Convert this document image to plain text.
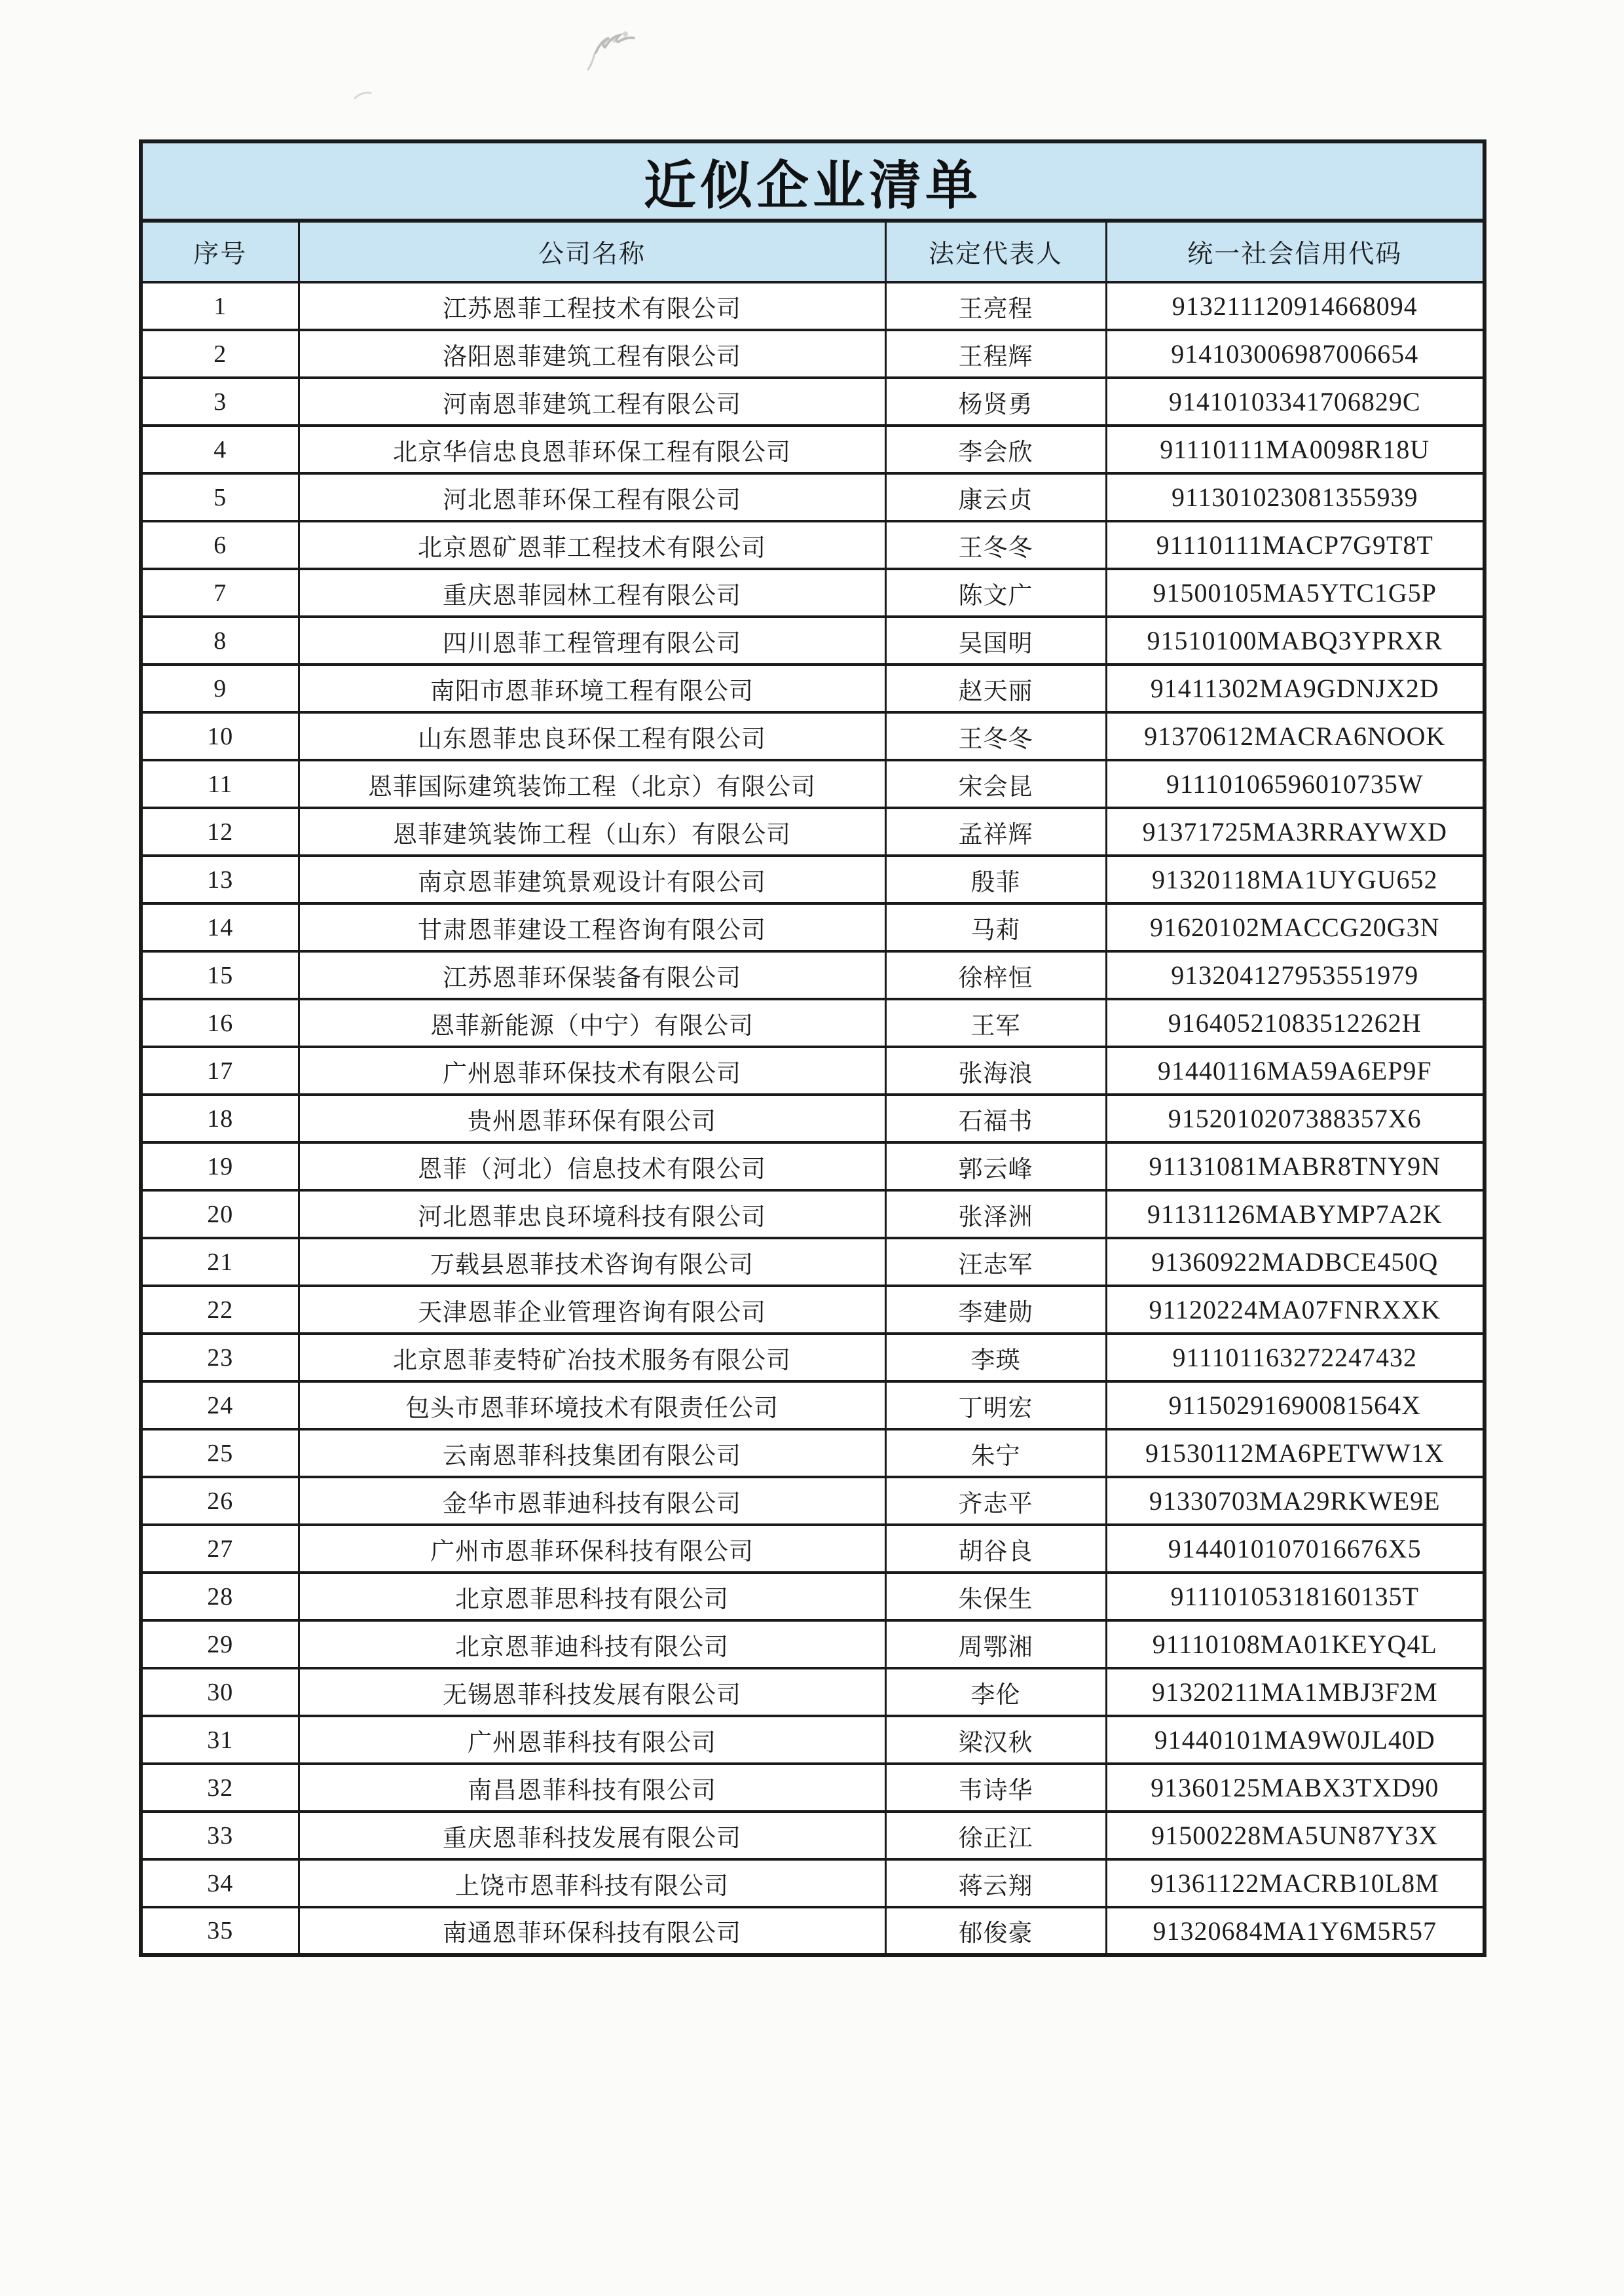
近似企业清单			
序号	公司名称	法定代表人	统一社会信用代码
1	江苏恩菲工程技术有限公司	王亮程	913211120914668094
2	洛阳恩菲建筑工程有限公司	王程辉	914103006987006654
3	河南恩菲建筑工程有限公司	杨贤勇	91410103341706829C
4	北京华信忠良恩菲环保工程有限公司	李会欣	91110111MA0098R18U
5	河北恩菲环保工程有限公司	康云贞	911301023081355939
6	北京恩矿恩菲工程技术有限公司	王冬冬	91110111MACP7G9T8T
7	重庆恩菲园林工程有限公司	陈文广	91500105MA5YTC1G5P
8	四川恩菲工程管理有限公司	吴国明	91510100MABQ3YPRXR
9	南阳市恩菲环境工程有限公司	赵天丽	91411302MA9GDNJX2D
10	山东恩菲忠良环保工程有限公司	王冬冬	91370612MACRA6NOOK
11	恩菲国际建筑装饰工程（北京）有限公司	宋会昆	91110106596010735W
12	恩菲建筑装饰工程（山东）有限公司	孟祥辉	91371725MA3RRAYWXD
13	南京恩菲建筑景观设计有限公司	殷菲	91320118MA1UYGU652
14	甘肃恩菲建设工程咨询有限公司	马莉	91620102MACCG20G3N
15	江苏恩菲环保装备有限公司	徐梓恒	913204127953551979
16	恩菲新能源（中宁）有限公司	王军	91640521083512262H
17	广州恩菲环保技术有限公司	张海浪	91440116MA59A6EP9F
18	贵州恩菲环保有限公司	石福书	9152010207388357X6
19	恩菲（河北）信息技术有限公司	郭云峰	91131081MABR8TNY9N
20	河北恩菲忠良环境科技有限公司	张泽洲	91131126MABYMP7A2K
21	万载县恩菲技术咨询有限公司	汪志军	91360922MADBCE450Q
22	天津恩菲企业管理咨询有限公司	李建勋	91120224MA07FNRXXK
23	北京恩菲麦特矿冶技术服务有限公司	李瑛	911101163272247432
24	包头市恩菲环境技术有限责任公司	丁明宏	91150291690081564X
25	云南恩菲科技集团有限公司	朱宁	91530112MA6PETWW1X
26	金华市恩菲迪科技有限公司	齐志平	91330703MA29RKWE9E
27	广州市恩菲环保科技有限公司	胡谷良	9144010107016676X5
28	北京恩菲思科技有限公司	朱保生	91110105318160135T
29	北京恩菲迪科技有限公司	周鄂湘	91110108MA01KEYQ4L
30	无锡恩菲科技发展有限公司	李伦	91320211MA1MBJ3F2M
31	广州恩菲科技有限公司	梁汉秋	91440101MA9W0JL40D
32	南昌恩菲科技有限公司	韦诗华	91360125MABX3TXD90
33	重庆恩菲科技发展有限公司	徐正江	91500228MA5UN87Y3X
34	上饶市恩菲科技有限公司	蒋云翔	91361122MACRB10L8M
35	南通恩菲环保科技有限公司	郁俊豪	91320684MA1Y6M5R57
